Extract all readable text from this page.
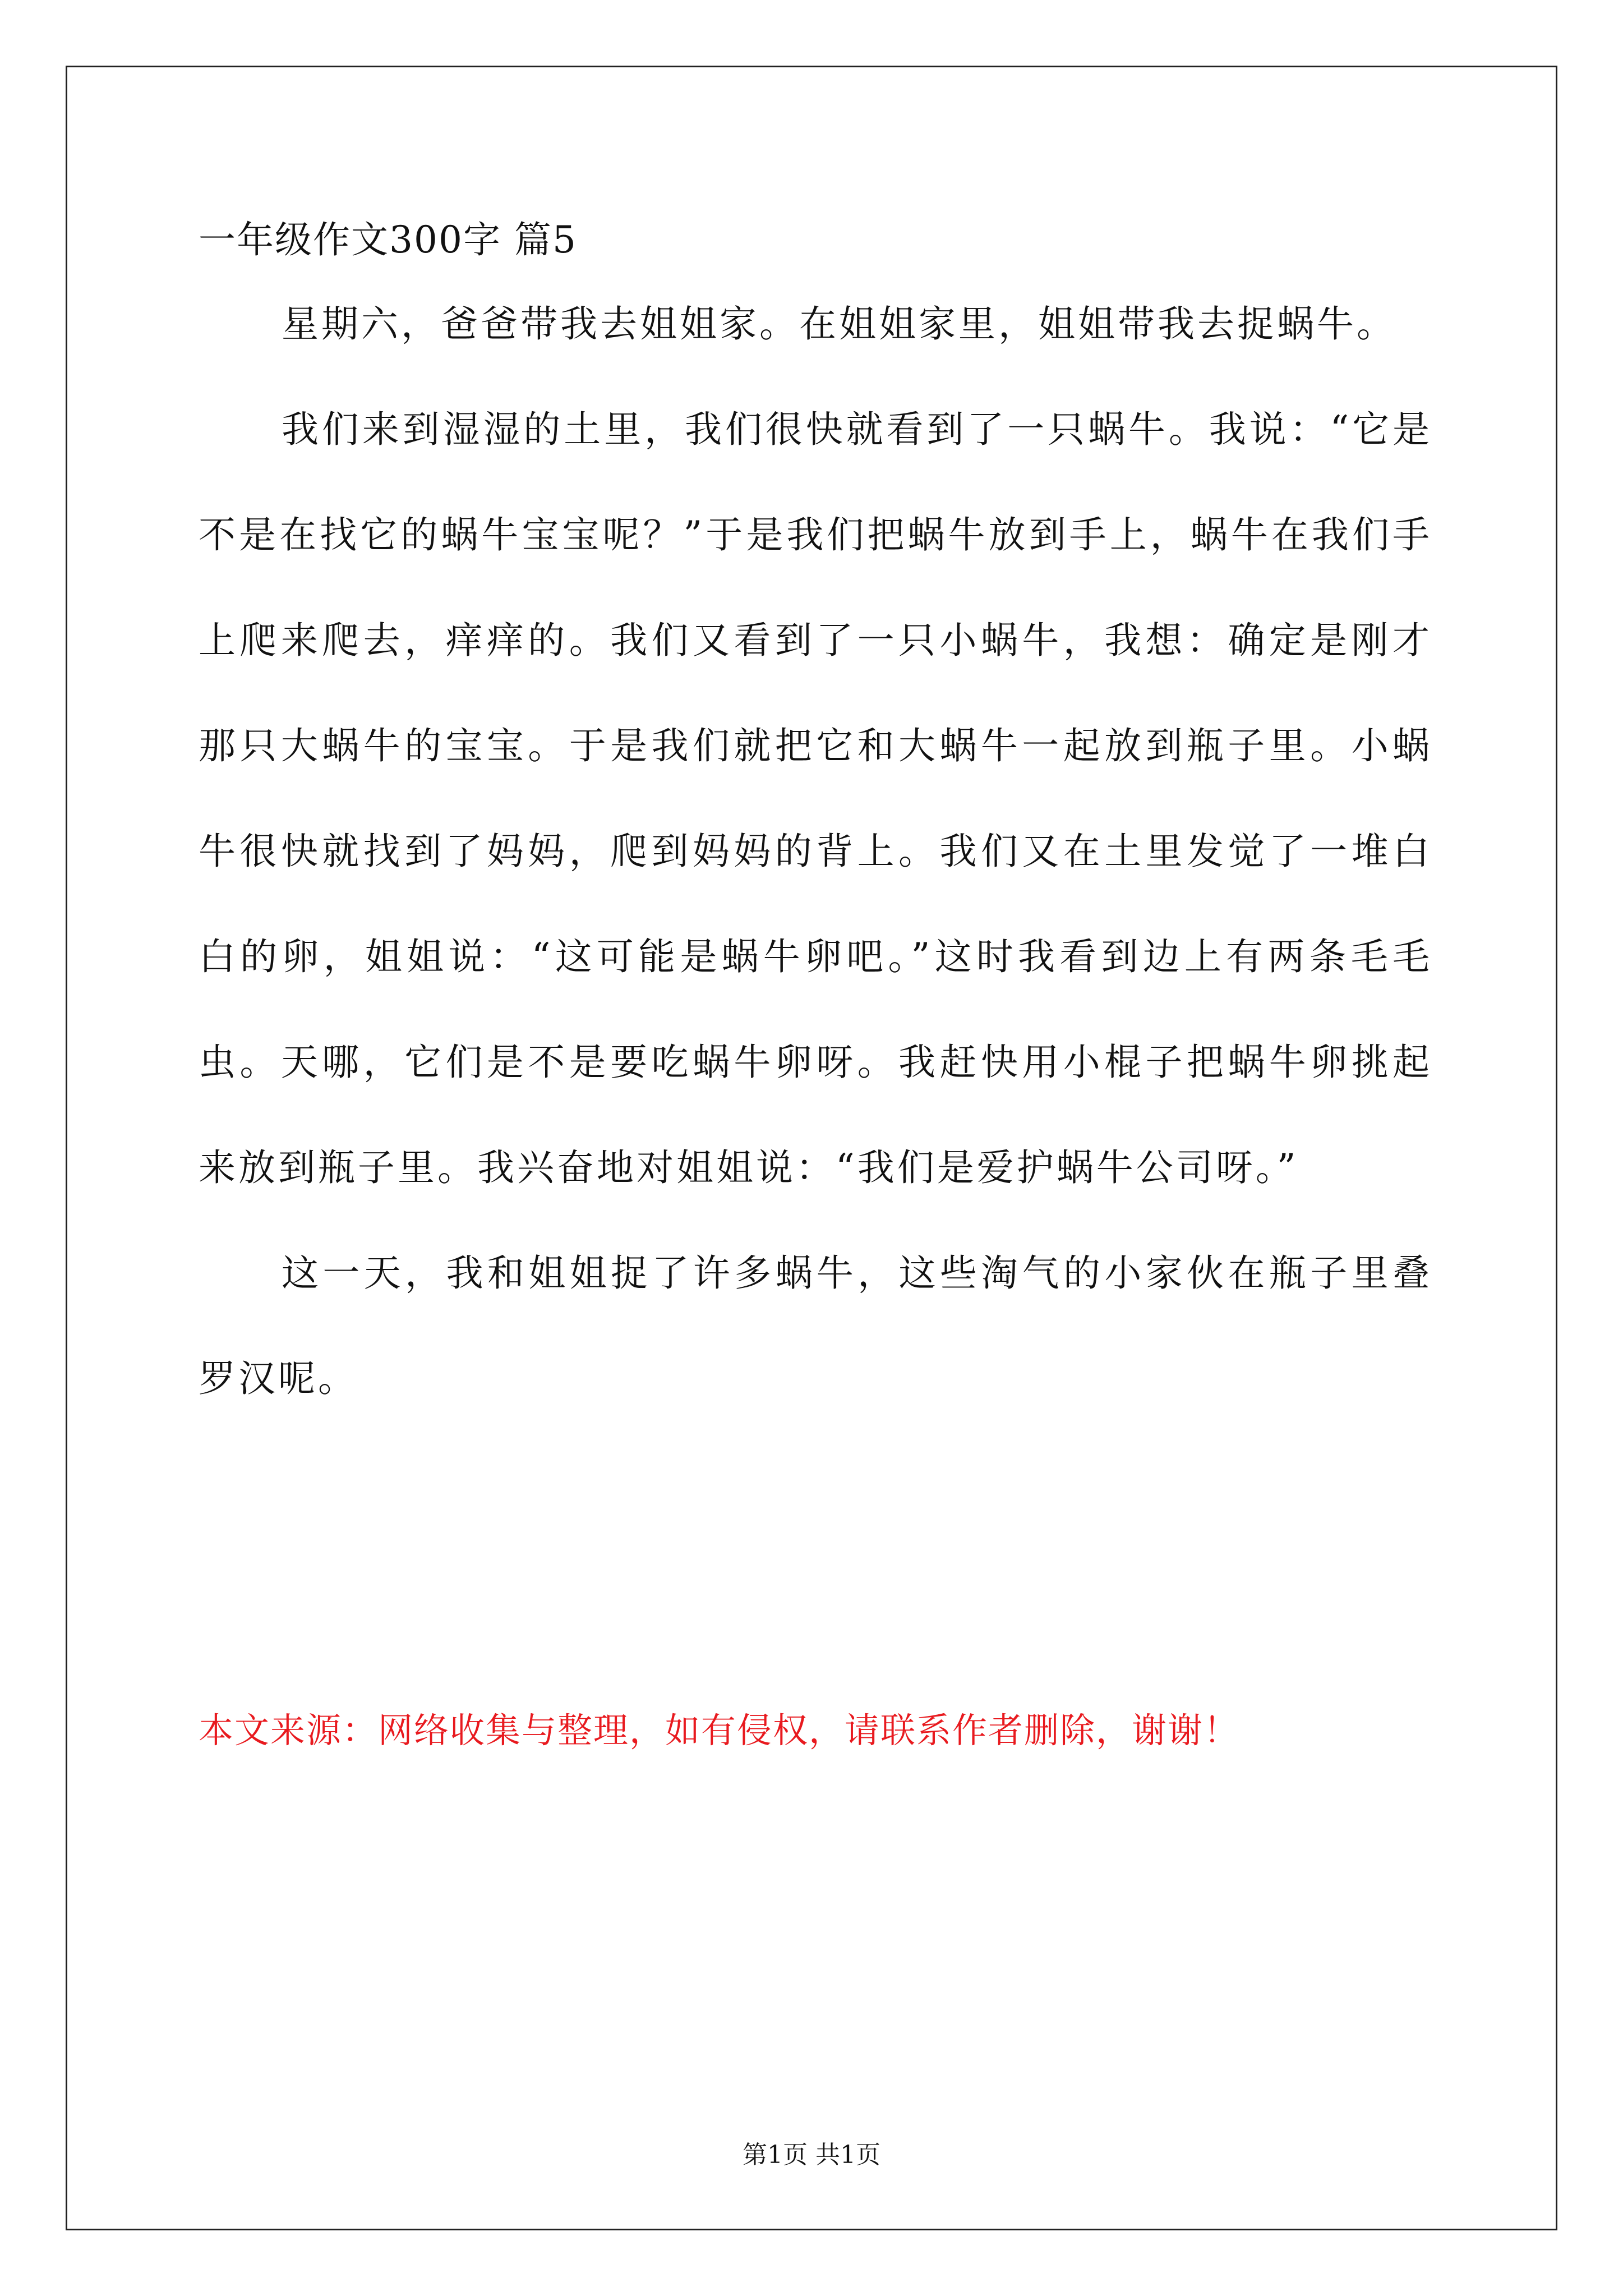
一年级作文300字 篇5

星期六，爸爸带我去姐姐家。在姐姐家里，姐姐带我去捉蜗牛。

我们来到湿湿的土里，我们很快就看到了一只蜗牛。我说：“它是不是在找它的蜗牛宝宝呢？”于是我们把蜗牛放到手上，蜗牛在我们手上爬来爬去，痒痒的。我们又看到了一只小蜗牛，我想：确定是刚才那只大蜗牛的宝宝。于是我们就把它和大蜗牛一起放到瓶子里。小蜗牛很快就找到了妈妈，爬到妈妈的背上。我们又在土里发觉了一堆白白的卵，姐姐说：“这可能是蜗牛卵吧。”这时我看到边上有两条毛毛虫。天哪，它们是不是要吃蜗牛卵呀。我赶快用小棍子把蜗牛卵挑起来放到瓶子里。我兴奋地对姐姐说：“我们是爱护蜗牛公司呀。”

这一天，我和姐姐捉了许多蜗牛，这些淘气的小家伙在瓶子里叠罗汉呢。

本文来源：网络收集与整理，如有侵权，请联系作者删除，谢谢！
第1页 共1页
